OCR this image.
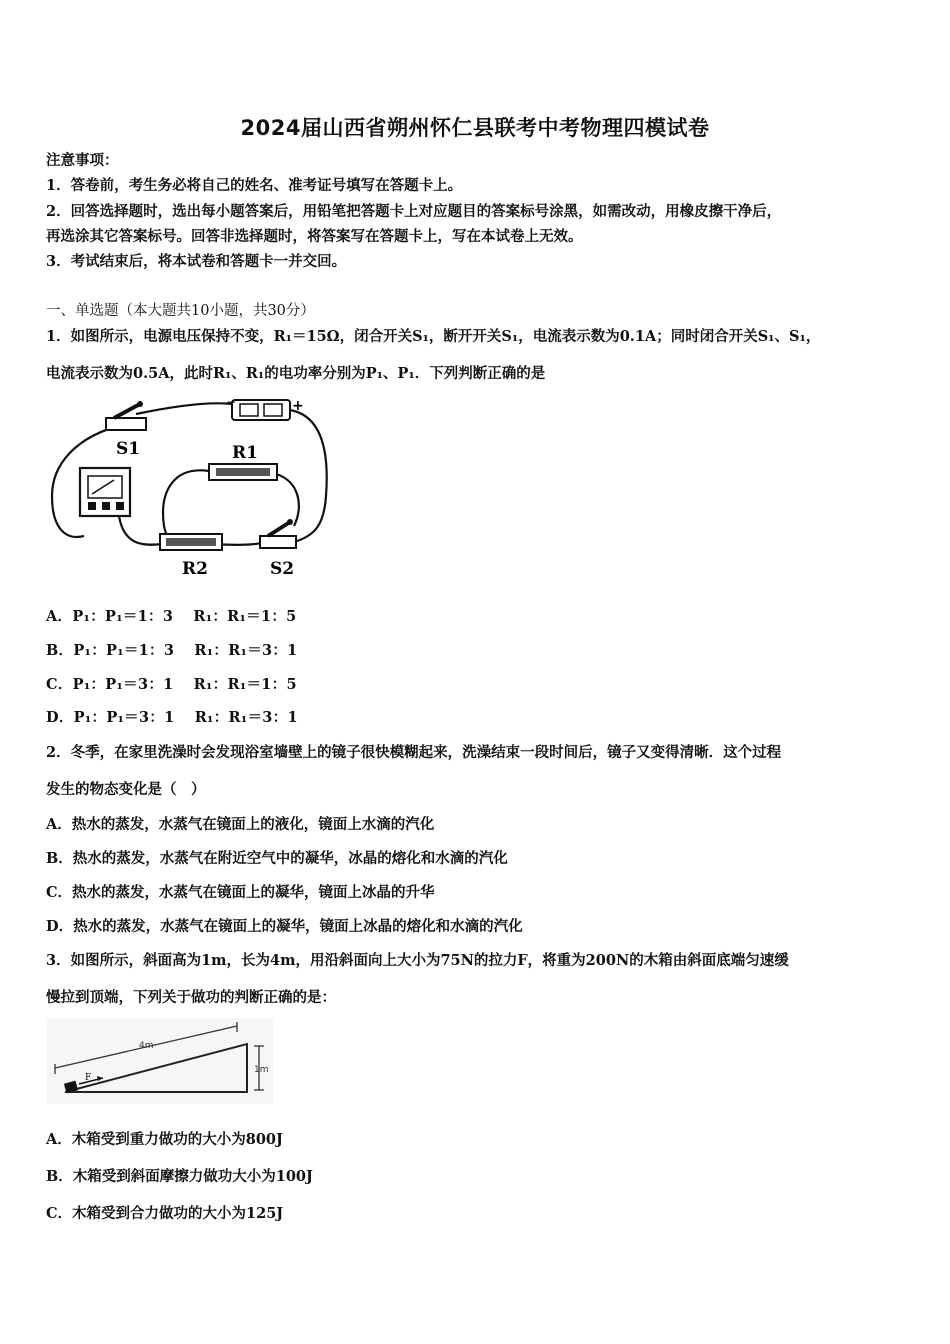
2024届山西省朔州怀仁县联考中考物理四模试卷
注意事项：
1．答卷前，考生务必将自己的姓名、准考证号填写在答题卡上。
2．回答选择题时，选出每小题答案后，用铅笔把答题卡上对应题目的答案标号涂黑，如需改动，用橡皮擦干净后，
再选涂其它答案标号。回答非选择题时，将答案写在答题卡上，写在本试卷上无效。
3．考试结束后，将本试卷和答题卡一并交回。
一、单选题（本大题共10小题，共30分）
1．如图所示，电源电压保持不变，R₁＝15Ω，闭合开关S₁，断开开关S₁，电流表示数为0.1A；同时闭合开关S₁、S₁，
电流表示数为0.5A，此时R₁、R₁的电功率分别为P₁、P₁．下列判断正确的是
−	+
S1	R1
R2	S2
A．P₁：P₁＝1：3　 R₁：R₁＝1：5
B．P₁：P₁＝1：3　 R₁：R₁＝3：1
C．P₁：P₁＝3：1　 R₁：R₁＝1：5
D．P₁：P₁＝3：1　 R₁：R₁＝3：1
2．冬季，在家里洗澡时会发现浴室墙壁上的镜子很快模糊起来，洗澡结束一段时间后，镜子又变得清晰．这个过程
发生的物态变化是（　）
A．热水的蒸发，水蒸气在镜面上的液化，镜面上水滴的汽化
B．热水的蒸发，水蒸气在附近空气中的凝华，冰晶的熔化和水滴的汽化
C．热水的蒸发，水蒸气在镜面上的凝华，镜面上冰晶的升华
D．热水的蒸发，水蒸气在镜面上的凝华，镜面上冰晶的熔化和水滴的汽化
3．如图所示，斜面高为1m，长为4m，用沿斜面向上大小为75N的拉力F，将重为200N的木箱由斜面底端匀速缓
慢拉到顶端，下列关于做功的判断正确的是：
4m
1m
F
A．木箱受到重力做功的大小为800J
B．木箱受到斜面摩擦力做功大小为100J
C．木箱受到合力做功的大小为125J
